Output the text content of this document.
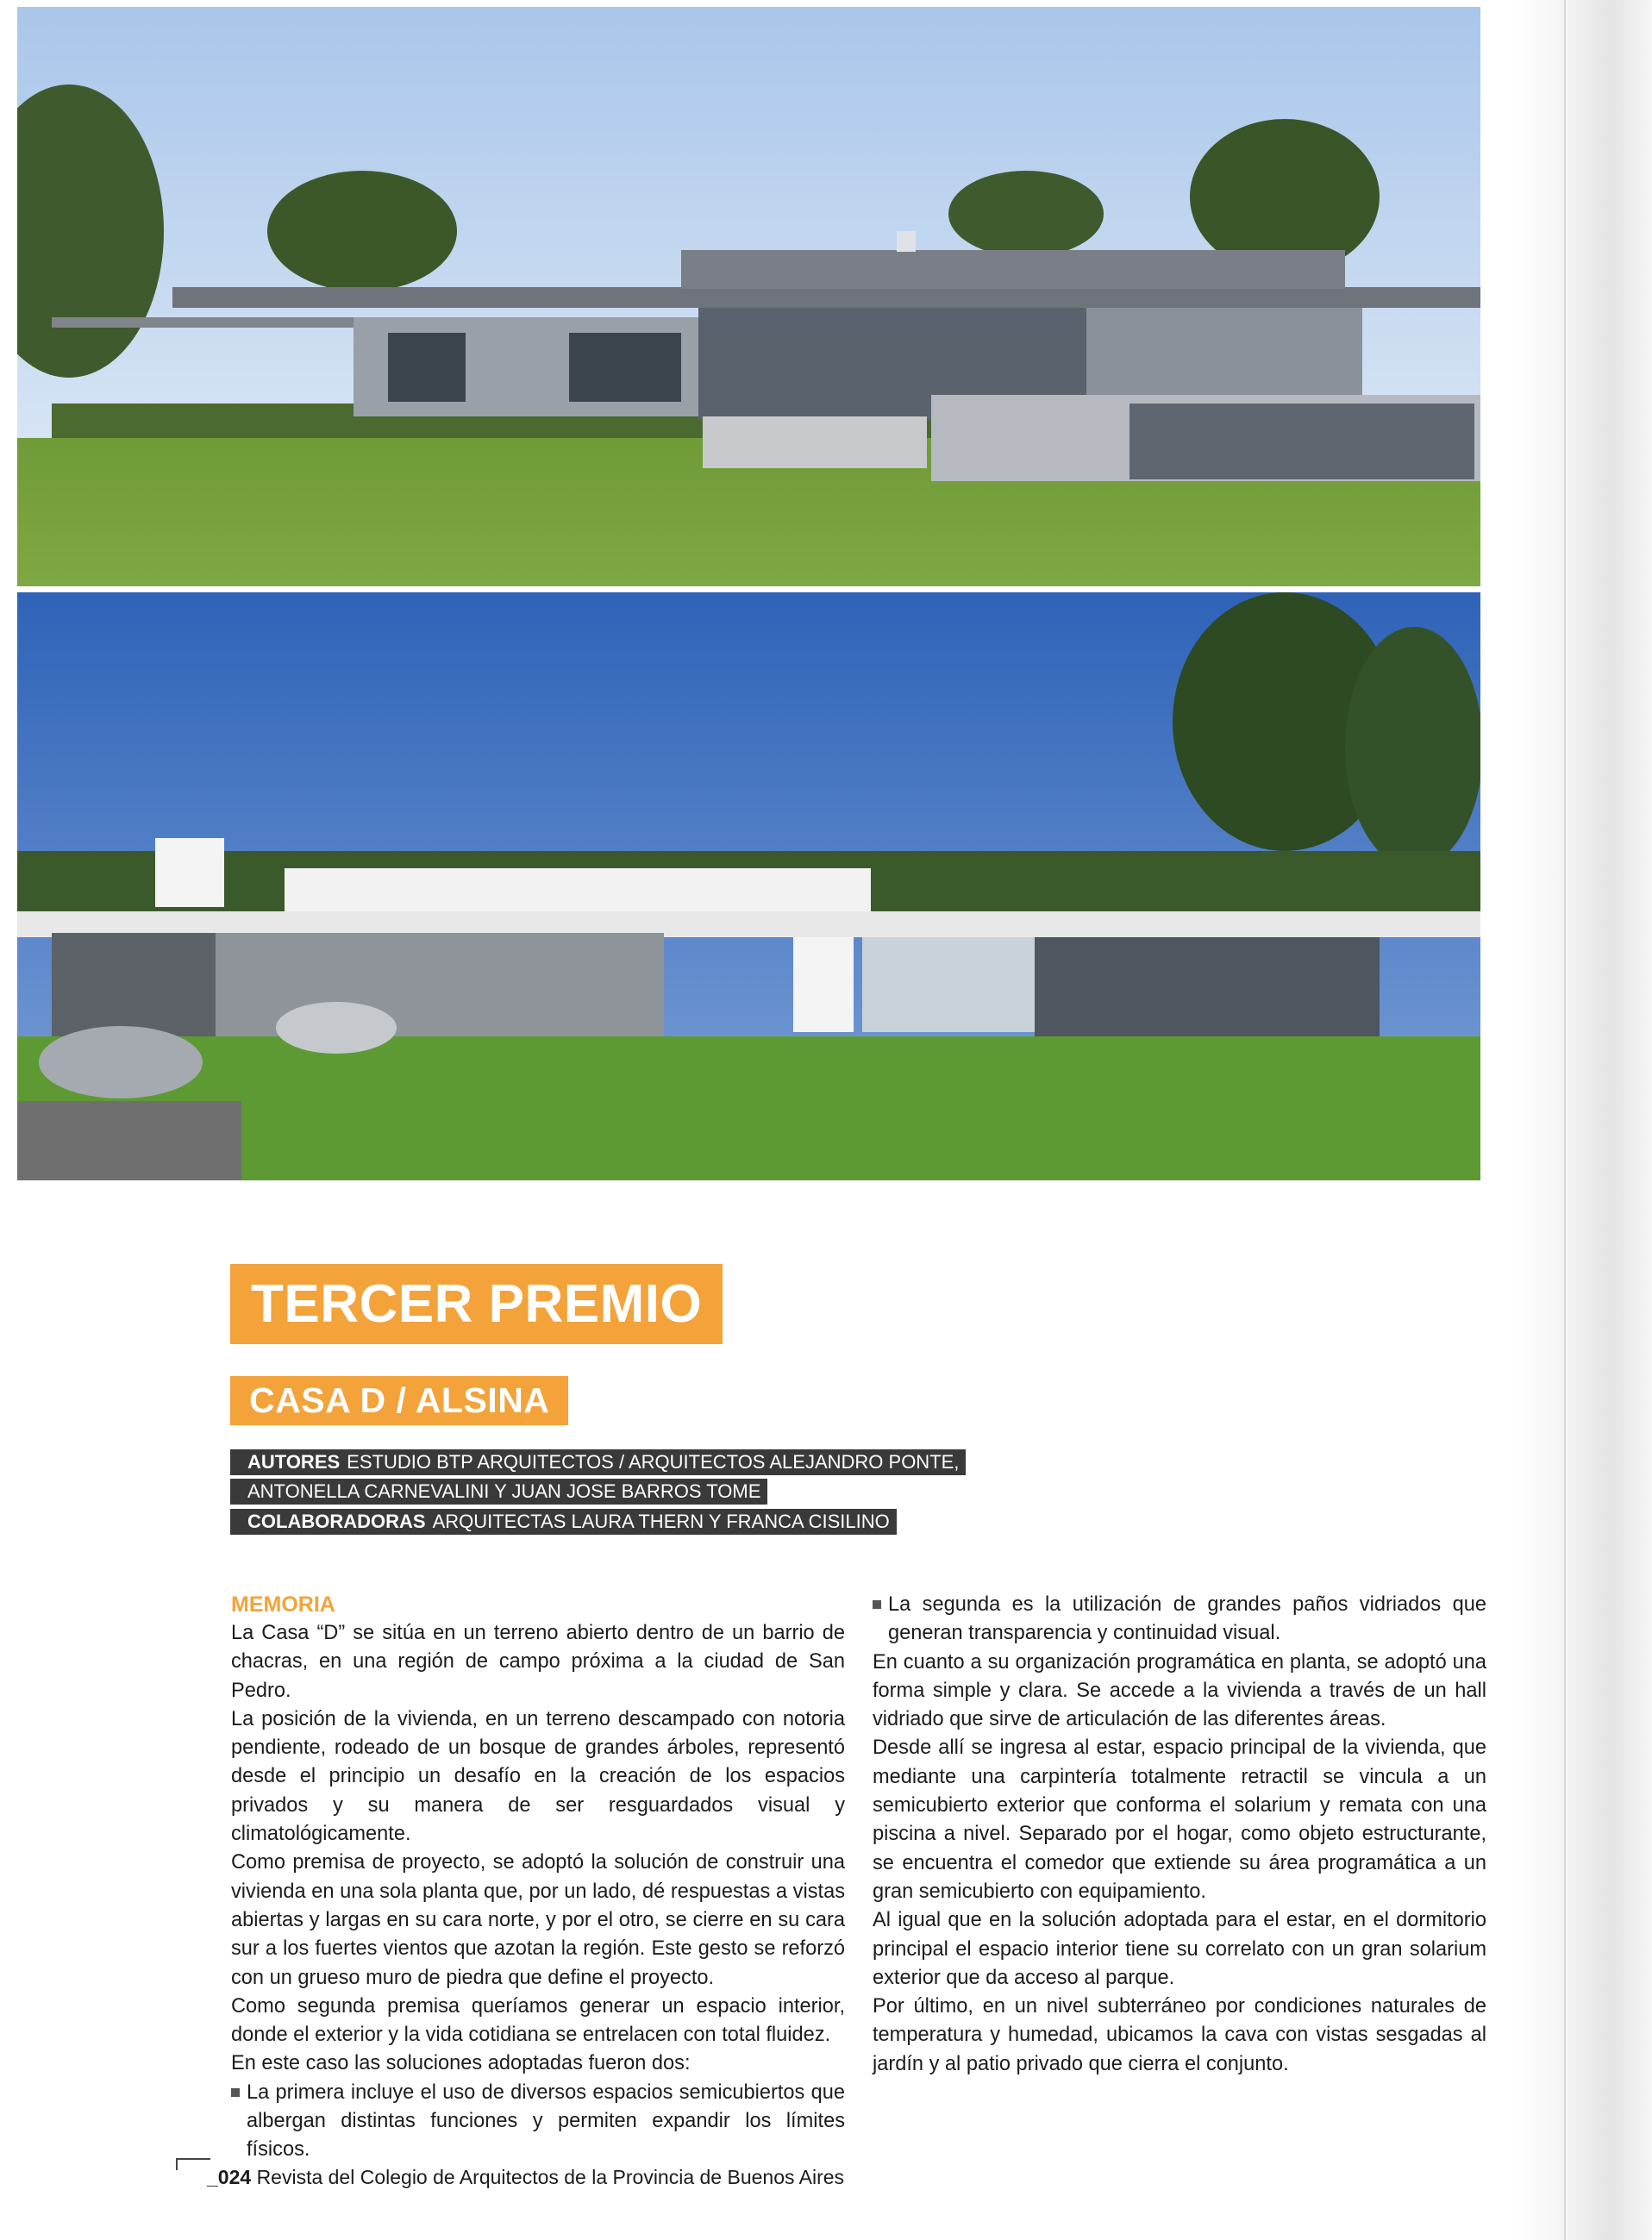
TERCER PREMIO
CASA D / ALSINA
AUTORES ESTUDIO BTP ARQUITECTOS / ARQUITECTOS ALEJANDRO PONTE,
ANTONELLA CARNEVALINI Y JUAN JOSE BARROS TOME
COLABORADORAS ARQUITECTAS LAURA THERN Y FRANCA CISILINO

MEMORIA

La Casa “D” se sitúa en un terreno abierto dentro de un barrio de chacras, en una región de campo próxima a la ciudad de San Pedro.

La posición de la vivienda, en un terreno descampado con notoria pendiente, rodeado de un bosque de grandes árboles, representó desde el principio un desafío en la creación de los espacios privados y su manera de ser resguardados visual y climatológicamente.

Como premisa de proyecto, se adoptó la solución de construir una vivienda en una sola planta que, por un lado, dé respuestas a vistas abiertas y largas en su cara norte, y por el otro, se cierre en su cara sur a los fuertes vientos que azotan la región. Este gesto se reforzó con un grueso muro de piedra que define el proyecto.

Como segunda premisa queríamos generar un espacio interior, donde el exterior y la vida cotidiana se entrelacen con total fluidez.

En este caso las soluciones adoptadas fueron dos:

La primera incluye el uso de diversos espacios semicubiertos que albergan distintas funciones y permiten expandir los límites físicos.

La segunda es la utilización de grandes paños vidriados que generan transparencia y continuidad visual.

En cuanto a su organización programática en planta, se adoptó una forma simple y clara. Se accede a la vivienda a través de un hall vidriado que sirve de articulación de las diferentes áreas.

Desde allí se ingresa al estar, espacio principal de la vivienda, que mediante una carpintería totalmente retractil se vincula a un semicubierto exterior que conforma el solarium y remata con una piscina a nivel. Separado por el hogar, como objeto estructurante, se encuentra el comedor que extiende su área programática a un gran semicubierto con equipamiento.

Al igual que en la solución adoptada para el estar, en el dormitorio principal el espacio interior tiene su correlato con un gran solarium exterior que da acceso al parque.

Por último, en un nivel subterráneo por condiciones naturales de temperatura y humedad, ubicamos la cava con vistas sesgadas al jardín y al patio privado que cierra el conjunto.

_024 Revista del Colegio de Arquitectos de la Provincia de Buenos Aires
